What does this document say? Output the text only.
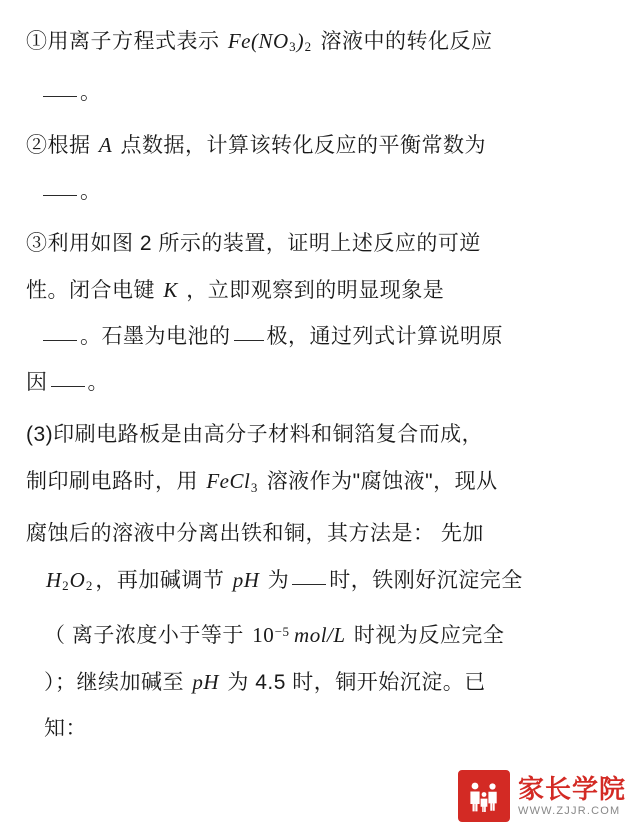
①用离子方程式表示 $Fe(NO_3)_2$ 溶液中的转化反应
。
②根据 A 点数据，计算该转化反应的平衡常数为
。
③利用如图 2 所示的装置，证明上述反应的可逆
性。闭合电键 K ，立即观察到的明显现象是
。石墨为电池的 极，通过列式计算说明原
因 。
(3)印刷电路板是由高分子材料和铜箔复合而成，
制印刷电路时，用 FeCl$_3$ 溶液作为"腐蚀液"，现从
腐蚀后的溶液中分离出铁和铜，其方法是： 先加
$H_2O_2$ ，再加碱调节 pH 为 时，铁刚好沉淀完全
（ 离子浓度小于等于 $10^{-5}$ mol/L 时视为反应完全
）；继续加碱至 pH 为 4.5 时，铜开始沉淀。已
知：
家长学院
WWW.ZJJR.COM
